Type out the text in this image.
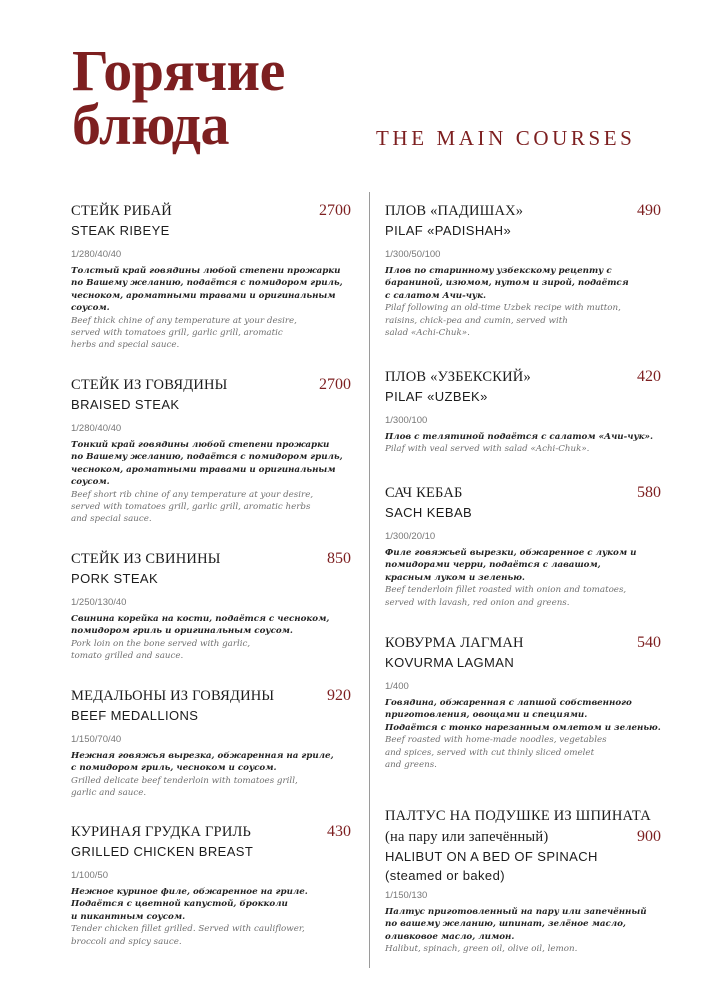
Горячие
блюда	THE MAIN COURSES
СТЕЙК РИБАЙ	2700
STEAK RIBEYE
1/280/40/40
Толстый край говядины любой степени прожарки
по Вашему желанию, подаётся с помидором гриль,
чесноком, ароматными травами и оригинальным
соусом.
Beef thick chine of any temperature at your desire,
served with tomatoes grill, garlic grill, aromatic
herbs and special sauce.
СТЕЙК ИЗ ГОВЯДИНЫ	2700
BRAISED STEAK
1/280/40/40
Тонкий край говядины любой степени прожарки
по Вашему желанию, подаётся с помидором гриль,
чесноком, ароматными травами и оригинальным
соусом.
Beef short rib chine of any temperature at your desire,
served with tomatoes grill, garlic grill, aromatic herbs
and special sauce.
СТЕЙК ИЗ СВИНИНЫ	850
PORK STEAK
1/250/130/40
Свинина корейка на кости, подаётся с чесноком,
помидором гриль и оригинальным соусом.
Pork loin on the bone served with garlic,
tomato grilled and sauce.
МЕДАЛЬОНЫ ИЗ ГОВЯДИНЫ	920
BEEF MEDALLIONS
1/150/70/40
Нежная говяжья вырезка, обжаренная на гриле,
с помидором гриль, чесноком и соусом.
Grilled delicate beef tenderloin with tomatoes grill,
garlic and sauce.
КУРИНАЯ ГРУДКА ГРИЛЬ	430
GRILLED CHICKEN BREAST
1/100/50
Нежное куриное филе, обжаренное на гриле.
Подаётся с цветной капустой, брокколи
и пикантным соусом.
Tender chicken fillet grilled. Served with cauliflower,
broccoli and spicy sauce.
ПЛОВ «ПАДИШАХ»	490
PILAF «PADISHAH»
1/300/50/100
Плов по старинному узбекскому рецепту с
бараниной, изюмом, нутом и зирой, подаётся
с салатом Ачи-чук.
Pilaf following an old-time Uzbek recipe with mutton,
raisins, chick-pea and cumin, served with
salad «Achi-Chuk».
ПЛОВ «УЗБЕКСКИЙ»	420
PILAF «UZBEK»
1/300/100
Плов с телятиной подаётся с салатом «Ачи-чук».
Pilaf with veal served with salad «Achi-Chuk».
САЧ КЕБАБ	580
SACH KEBAB
1/300/20/10
Филе говяжьей вырезки, обжаренное с луком и
помидорами черри, подаётся с лавашом,
красным луком и зеленью.
Beef tenderloin fillet roasted with onion and tomatoes,
served with lavash, red onion and greens.
КОВУРМА ЛАГМАН	540
KOVURMA LAGMAN
1/400
Говядина, обжаренная с лапшой собственного
приготовления, овощами и специями.
Подаётся с тонко нарезанным омлетом и зеленью.
Beef roasted with home-made noodles, vegetables
and spices, served with cut thinly sliced omelet
and greens.
ПАЛТУС НА ПОДУШКЕ ИЗ ШПИНАТА
(на пару или запечённый)	900
HALIBUT ON A BED OF SPINACH
(steamed or baked)
1/150/130
Палтус приготовленный на пару или запечённый
по вашему желанию, шпинат, зелёное масло,
оливковое масло, лимон.
Halibut, spinach, green oil, olive oil, lemon.
